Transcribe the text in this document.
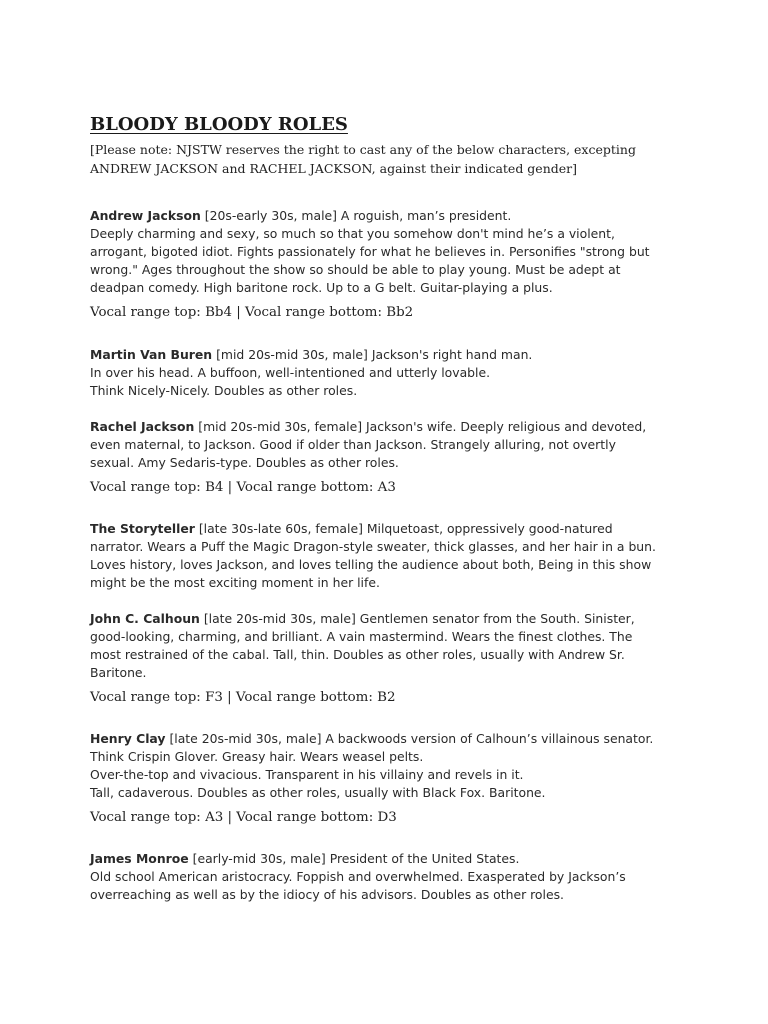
BLOODY BLOODY ROLES

[Please note: NJSTW reserves the right to cast any of the below characters, excepting ANDREW JACKSON and RACHEL JACKSON, against their indicated gender]

Andrew Jackson [20s-early 30s, male] A roguish, man’s president.
Deeply charming and sexy, so much so that you somehow don't mind he’s a violent,
arrogant, bigoted idiot. Fights passionately for what he believes in. Personifies "strong but
wrong." Ages throughout the show so should be able to play young. Must be adept at
deadpan comedy. High baritone rock. Up to a G belt. Guitar-playing a plus.

Vocal range top: Bb4 | Vocal range bottom: Bb2

Martin Van Buren [mid 20s-mid 30s, male] Jackson's right hand man.
In over his head. A buffoon, well-intentioned and utterly lovable.
Think Nicely-Nicely. Doubles as other roles.

Rachel Jackson [mid 20s-mid 30s, female] Jackson's wife. Deeply religious and devoted,
even maternal, to Jackson. Good if older than Jackson. Strangely alluring, not overtly
sexual. Amy Sedaris-type. Doubles as other roles.

Vocal range top: B4 | Vocal range bottom: A3

The Storyteller [late 30s-late 60s, female] Milquetoast, oppressively good-natured
narrator. Wears a Puff the Magic Dragon-style sweater, thick glasses, and her hair in a bun.
Loves history, loves Jackson, and loves telling the audience about both, Being in this show
might be the most exciting moment in her life.

John C. Calhoun [late 20s-mid 30s, male] Gentlemen senator from the South. Sinister,
good-looking, charming, and brilliant. A vain mastermind. Wears the finest clothes. The
most restrained of the cabal. Tall, thin. Doubles as other roles, usually with Andrew Sr.
Baritone.

Vocal range top: F3 | Vocal range bottom: B2

Henry Clay [late 20s-mid 30s, male] A backwoods version of Calhoun’s villainous senator.
Think Crispin Glover. Greasy hair. Wears weasel pelts.
Over-the-top and vivacious. Transparent in his villainy and revels in it.
Tall, cadaverous. Doubles as other roles, usually with Black Fox. Baritone.

Vocal range top: A3 | Vocal range bottom: D3

James Monroe [early-mid 30s, male] President of the United States.
Old school American aristocracy. Foppish and overwhelmed. Exasperated by Jackson’s
overreaching as well as by the idiocy of his advisors. Doubles as other roles.
